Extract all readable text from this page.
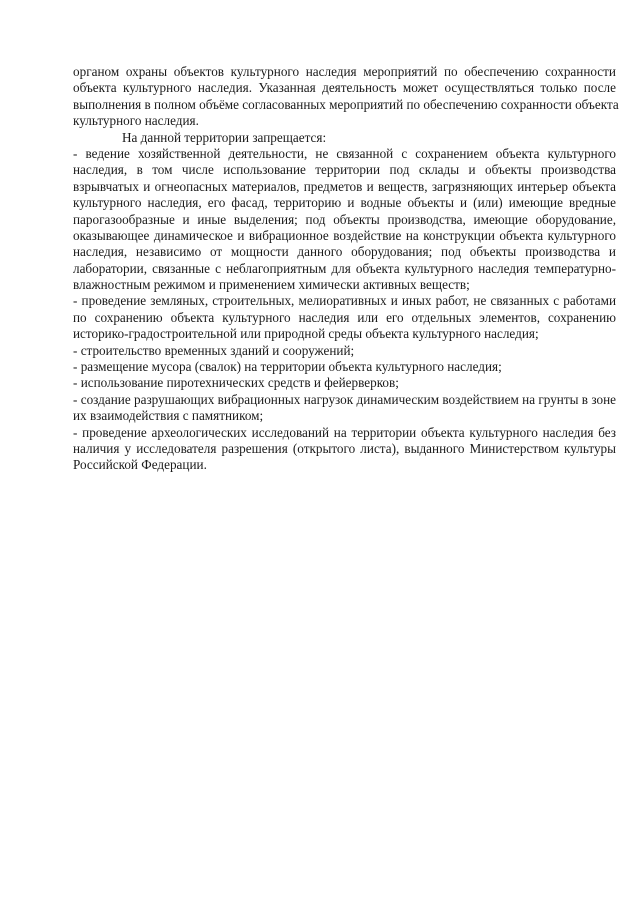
органом охраны объектов культурного наследия мероприятий по обеспечению сохранности
объекта культурного наследия. Указанная деятельность может осуществляться только после
выполнения в полном объёме согласованных мероприятий по обеспечению сохранности объекта
культурного наследия.
На данной территории запрещается:
- ведение хозяйственной деятельности, не связанной с сохранением объекта культурного
наследия, в том числе использование территории под склады и объекты производства
взрывчатых и огнеопасных материалов, предметов и веществ, загрязняющих интерьер объекта
культурного наследия, его фасад, территорию и водные объекты и (или) имеющие вредные
парогазообразные и иные выделения; под объекты производства, имеющие оборудование,
оказывающее динамическое и вибрационное воздействие на конструкции объекта культурного
наследия, независимо от мощности данного оборудования; под объекты производства и
лаборатории, связанные с неблагоприятным для объекта культурного наследия температурно-
влажностным режимом и применением химически активных веществ;
- проведение земляных, строительных, мелиоративных и иных работ, не связанных с работами
по сохранению объекта культурного наследия или его отдельных элементов, сохранению
историко-градостроительной или природной среды объекта культурного наследия;
- строительство временных зданий и сооружений;
- размещение мусора (свалок) на территории объекта культурного наследия;
- использование пиротехнических средств и фейерверков;
- создание разрушающих вибрационных нагрузок динамическим воздействием на грунты в зоне
их взаимодействия с памятником;
- проведение археологических исследований на территории объекта культурного наследия без
наличия у исследователя разрешения (открытого листа), выданного Министерством культуры
Российской Федерации.
